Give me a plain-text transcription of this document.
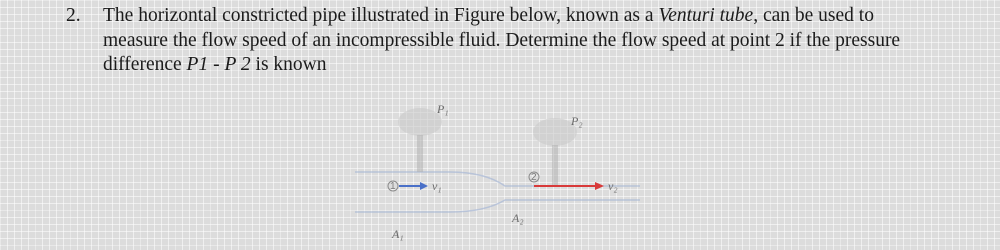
2. The horizontal constricted pipe illustrated in Figure below, known as a Venturi tube, can be used to measure the flow speed of an incompressible fluid. Determine the flow speed at point 2 if the pressure difference P1 - P 2 is known
P₁
P₂
1	v₁
2
v₂
A₁
A₂
